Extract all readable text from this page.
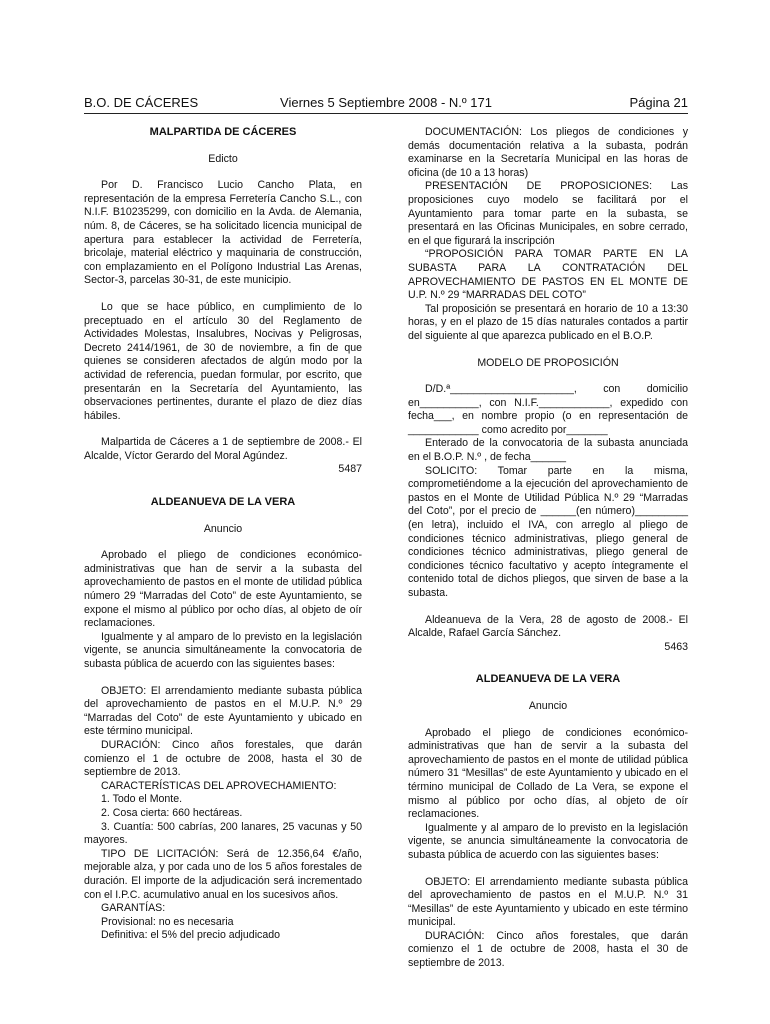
B.O. DE CÁCERES	Viernes 5 Septiembre 2008 - N.º 171	Página 21

MALPARTIDA DE CÁCERES

Edicto

Por D. Francisco Lucio Cancho Plata, en representación de la empresa Ferretería Cancho S.L., con N.I.F. B10235299, con domicilio en la Avda. de Alemania, núm. 8, de Cáceres, se ha solicitado licencia municipal de apertura para establecer la actividad de Ferretería, bricolaje, material eléctrico y maquinaria de construcción, con emplazamiento en el Polígono Industrial Las Arenas, Sector-3, parcelas 30-31, de este municipio.

Lo que se hace público, en cumplimiento de lo preceptuado en el artículo 30 del Reglamento de Actividades Molestas, Insalubres, Nocivas y Peligrosas, Decreto 2414/1961, de 30 de noviembre, a fin de que quienes se consideren afectados de algún modo por la actividad de referencia, puedan formular, por escrito, que presentarán en la Secretaría del Ayuntamiento, las observaciones pertinentes, durante el plazo de diez días hábiles.

Malpartida de Cáceres a 1 de septiembre de 2008.- El Alcalde, Víctor Gerardo del Moral Agúndez.

5487

ALDEANUEVA DE LA VERA

Anuncio

Aprobado el pliego de condiciones económico-administrativas que han de servir a la subasta del aprovechamiento de pastos en el monte de utilidad pública número 29 “Marradas del Coto” de este Ayuntamiento, se expone el mismo al público por ocho días, al objeto de oír reclamaciones.

Igualmente y al amparo de lo previsto en la legislación vigente, se anuncia simultáneamente la convocatoria de subasta pública de acuerdo con las siguientes bases:

OBJETO: El arrendamiento mediante subasta pública del aprovechamiento de pastos en el M.U.P. N.º 29 “Marradas del Coto” de este Ayuntamiento y ubicado en este término municipal.

DURACIÓN: Cinco años forestales, que darán comienzo el 1 de octubre de 2008, hasta el 30 de septiembre de 2013.

CARACTERÍSTICAS DEL APROVECHAMIENTO:

1. Todo el Monte.

2. Cosa cierta: 660 hectáreas.

3. Cuantía: 500 cabrías, 200 lanares, 25 vacunas y 50 mayores.

TIPO DE LICITACIÓN: Será de 12.356,64 €/año, mejorable alza, y por cada uno de los 5 años forestales de duración. El importe de la adjudicación será incrementado con el I.P.C. acumulativo anual en los sucesivos años.

GARANTÍAS:

Provisional: no es necesaria

Definitiva: el 5% del precio adjudicado

DOCUMENTACIÓN: Los pliegos de condiciones y demás documentación relativa a la subasta, podrán examinarse en la Secretaría Municipal en las horas de oficina (de 10 a 13 horas)

PRESENTACIÓN DE PROPOSICIONES: Las proposiciones cuyo modelo se facilitará por el Ayuntamiento para tomar parte en la subasta, se presentará en las Oficinas Municipales, en sobre cerrado, en el que figurará la inscripción

“PROPOSICIÓN PARA TOMAR PARTE EN LA SUBASTA PARA LA CONTRATACIÓN DEL APROVECHAMIENTO DE PASTOS EN EL MONTE DE U.P. N.º 29 “MARRADAS DEL COTO”

Tal proposición se presentará en horario de 10 a 13:30 horas, y en el plazo de 15 días naturales contados a partir del siguiente al que aparezca publicado en el B.O.P.

MODELO DE PROPOSICIÓN

D/D.ª_____________________, con domicilio en__________, con N.I.F.____________, expedido con fecha___, en nombre propio (o en representación de ____________ como acredito por_______

Enterado de la convocatoria de la subasta anunciada en el B.O.P. N.º , de fecha______

SOLICITO: Tomar parte en la misma, comprometiéndome a la ejecución del aprovechamiento de pastos en el Monte de Utilidad Pública N.º 29 “Marradas del Coto”, por el precio de ______(en número)_________ (en letra), incluido el IVA, con arreglo al pliego de condiciones técnico administrativas, pliego general de condiciones técnico administrativas, pliego general de condiciones técnico facultativo y acepto íntegramente el contenido total de dichos pliegos, que sirven de base a la subasta.

Aldeanueva de la Vera, 28 de agosto de 2008.- El Alcalde, Rafael García Sánchez.

5463

ALDEANUEVA DE LA VERA

Anuncio

Aprobado el pliego de condiciones económico-administrativas que han de servir a la subasta del aprovechamiento de pastos en el monte de utilidad pública número 31 “Mesillas” de este Ayuntamiento y ubicado en el término municipal de Collado de La Vera, se expone el mismo al público por ocho días, al objeto de oír reclamaciones.

Igualmente y al amparo de lo previsto en la legislación vigente, se anuncia simultáneamente la convocatoria de subasta pública de acuerdo con las siguientes bases:

OBJETO: El arrendamiento mediante subasta pública del aprovechamiento de pastos en el M.U.P. N.º 31 “Mesillas” de este Ayuntamiento y ubicado en este término municipal.

DURACIÓN: Cinco años forestales, que darán comienzo el 1 de octubre de 2008, hasta el 30 de septiembre de 2013.
